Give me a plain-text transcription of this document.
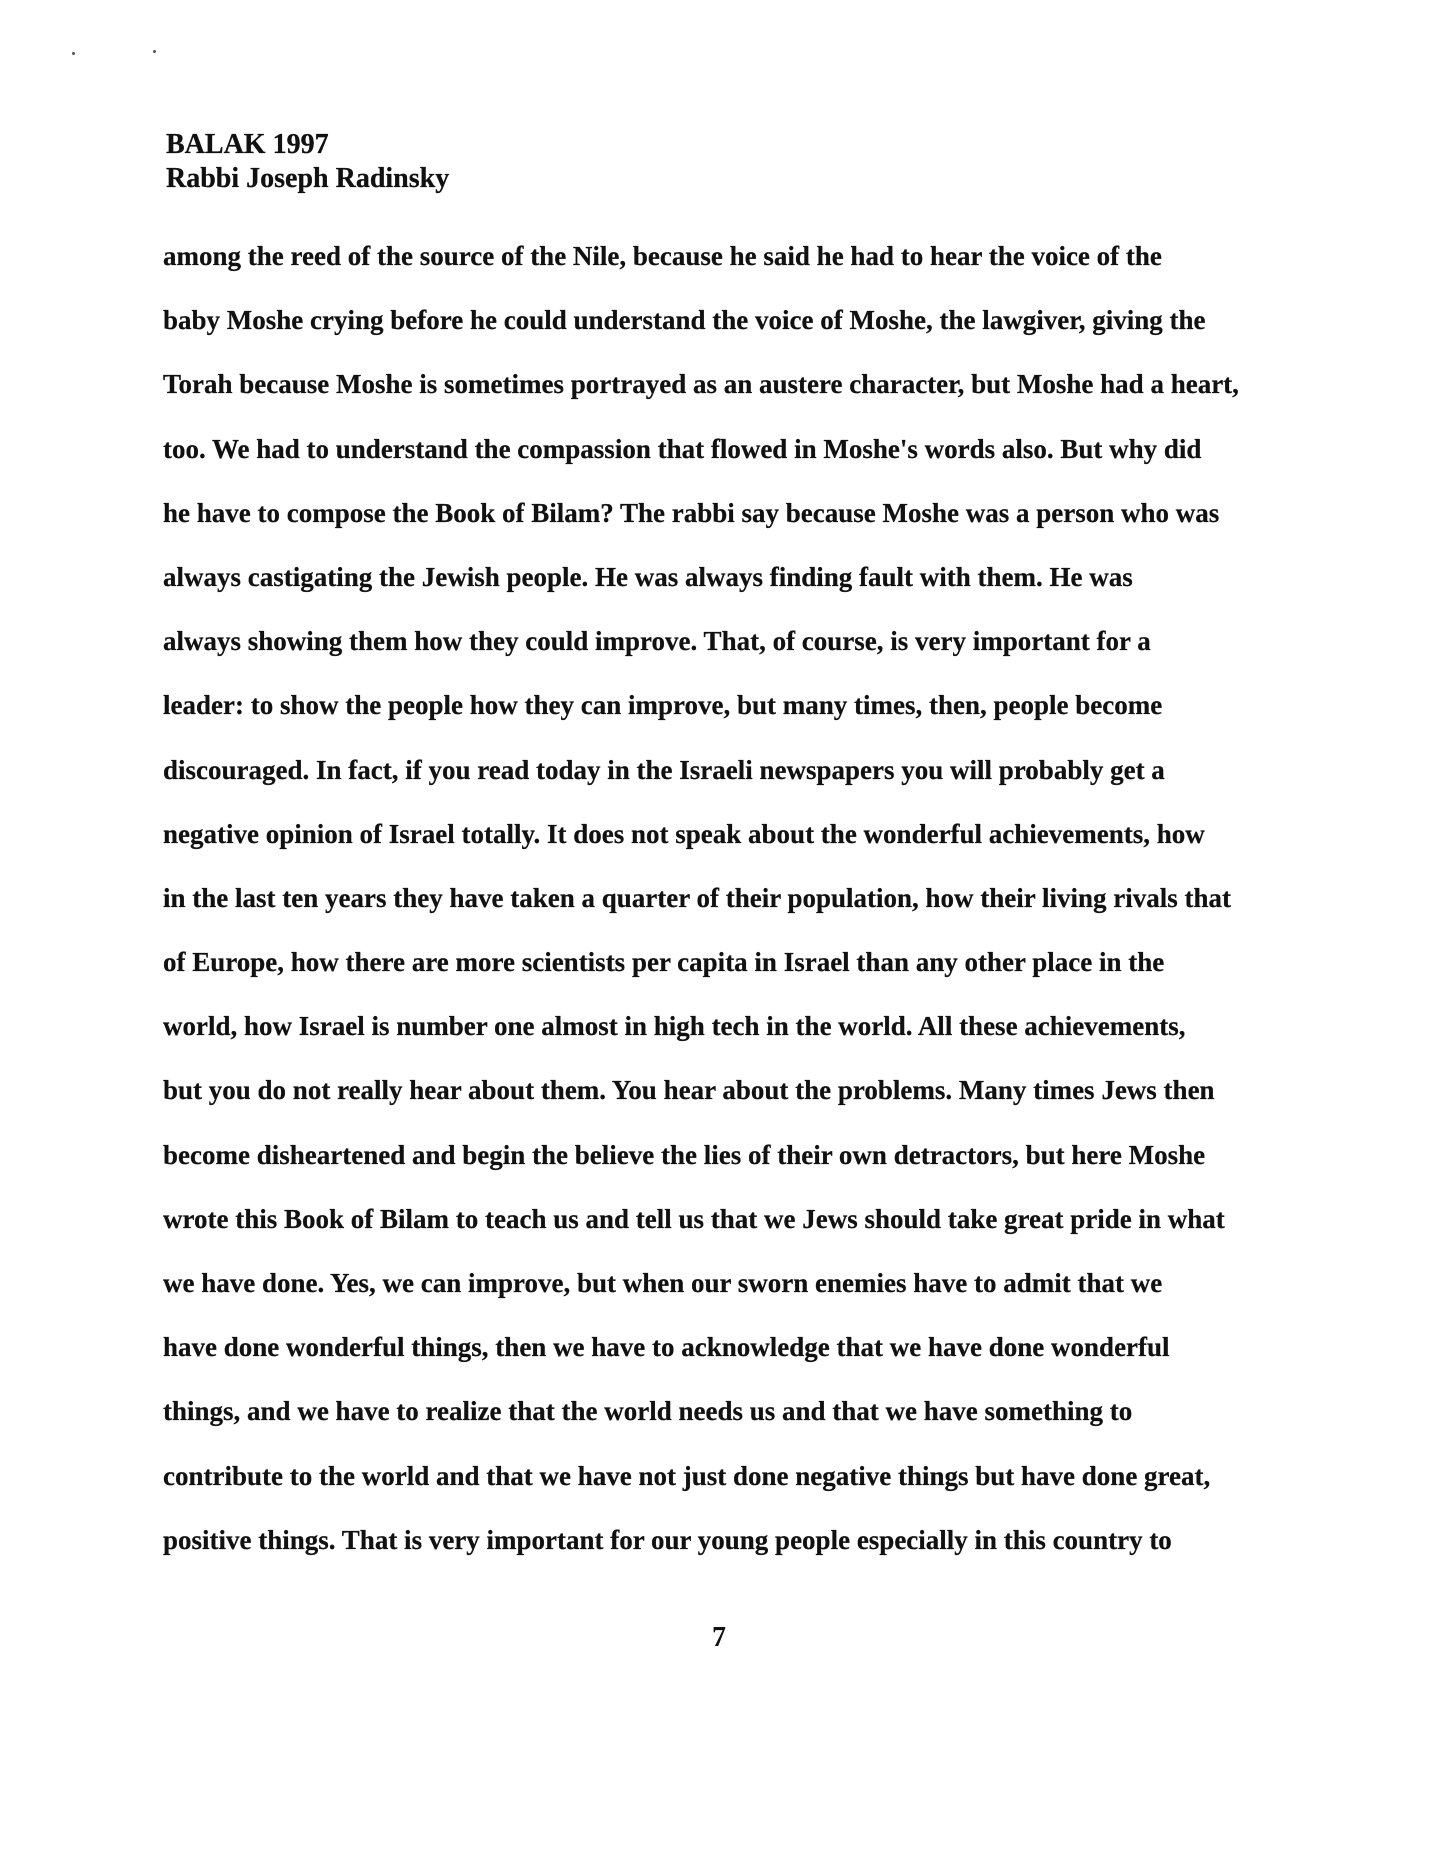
BALAK 1997
Rabbi Joseph Radinsky
among the reed of the source of the Nile, because he said he had to hear the voice of the
baby Moshe crying before he could understand the voice of Moshe, the lawgiver, giving the
Torah because Moshe is sometimes portrayed as an austere character, but Moshe had a heart,
too. We had to understand the compassion that flowed in Moshe's words also. But why did
he have to compose the Book of Bilam? The rabbi say because Moshe was a person who was
always castigating the Jewish people. He was always finding fault with them. He was
always showing them how they could improve. That, of course, is very important for a
leader: to show the people how they can improve, but many times, then, people become
discouraged. In fact, if you read today in the Israeli newspapers you will probably get a
negative opinion of Israel totally. It does not speak about the wonderful achievements, how
in the last ten years they have taken a quarter of their population, how their living rivals that
of Europe, how there are more scientists per capita in Israel than any other place in the
world, how Israel is number one almost in high tech in the world. All these achievements,
but you do not really hear about them. You hear about the problems. Many times Jews then
become disheartened and begin the believe the lies of their own detractors, but here Moshe
wrote this Book of Bilam to teach us and tell us that we Jews should take great pride in what
we have done. Yes, we can improve, but when our sworn enemies have to admit that we
have done wonderful things, then we have to acknowledge that we have done wonderful
things, and we have to realize that the world needs us and that we have something to
contribute to the world and that we have not just done negative things but have done great,
positive things. That is very important for our young people especially in this country to
7
